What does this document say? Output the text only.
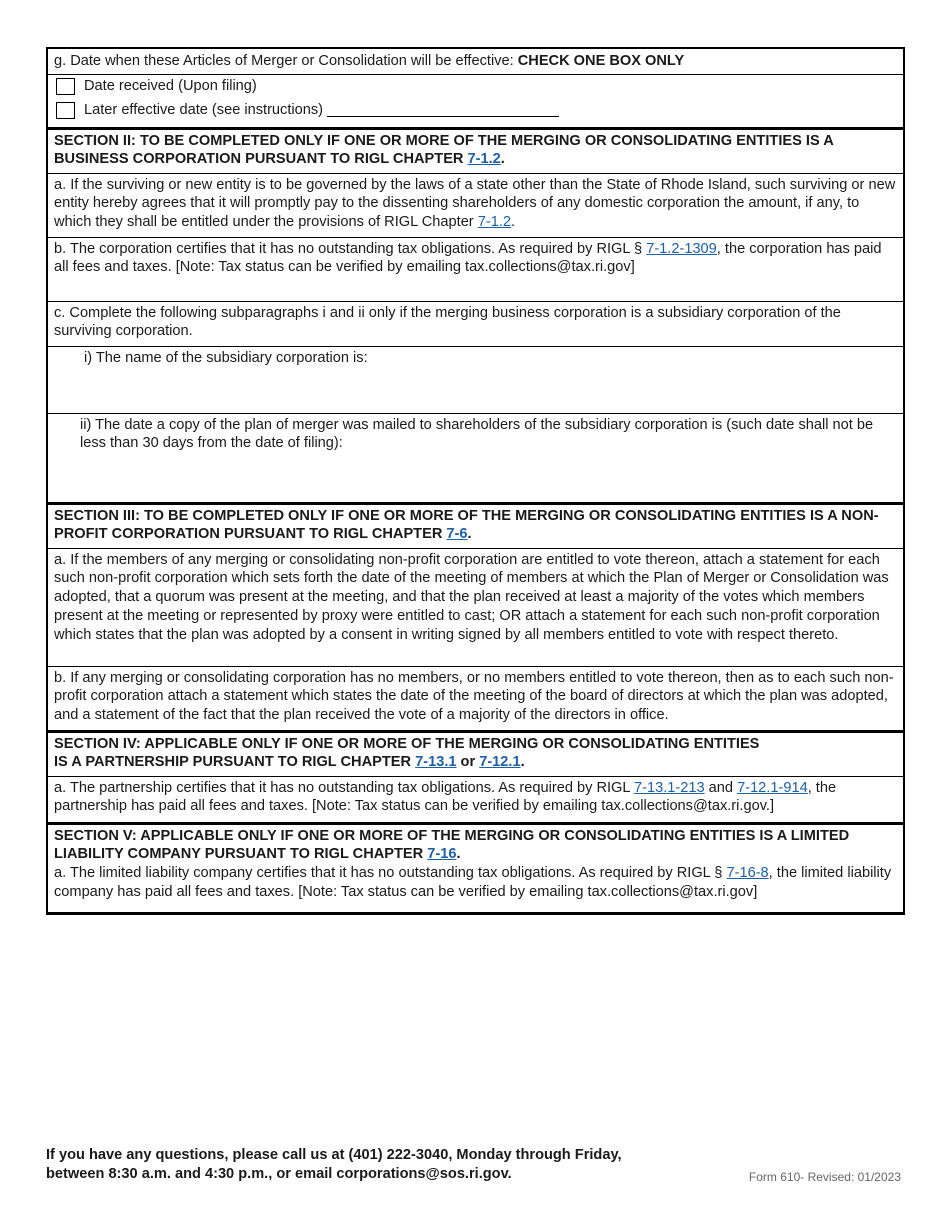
g. Date when these Articles of Merger or Consolidation will be effective: CHECK ONE BOX ONLY
Date received (Upon filing)
Later effective date (see instructions)
SECTION II: TO BE COMPLETED ONLY IF ONE OR MORE OF THE MERGING OR CONSOLIDATING ENTITIES IS A BUSINESS CORPORATION PURSUANT TO RIGL CHAPTER 7-1.2.
a. If the surviving or new entity is to be governed by the laws of a state other than the State of Rhode Island, such surviving or new entity hereby agrees that it will promptly pay to the dissenting shareholders of any domestic corporation the amount, if any, to which they shall be entitled under the provisions of RIGL Chapter 7-1.2.
b. The corporation certifies that it has no outstanding tax obligations. As required by RIGL § 7-1.2-1309, the corporation has paid all fees and taxes. [Note: Tax status can be verified by emailing tax.collections@tax.ri.gov]
c. Complete the following subparagraphs i and ii only if the merging business corporation is a subsidiary corporation of the surviving corporation.
i) The name of the subsidiary corporation is:
ii) The date a copy of the plan of merger was mailed to shareholders of the subsidiary corporation is (such date shall not be less than 30 days from the date of filing):
SECTION III: TO BE COMPLETED ONLY IF ONE OR MORE OF THE MERGING OR CONSOLIDATING ENTITIES IS A NON-PROFIT CORPORATION PURSUANT TO RIGL CHAPTER 7-6.
a. If the members of any merging or consolidating non-profit corporation are entitled to vote thereon, attach a statement for each such non-profit corporation which sets forth the date of the meeting of members at which the Plan of Merger or Consolidation was adopted, that a quorum was present at the meeting, and that the plan received at least a majority of the votes which members present at the meeting or represented by proxy were entitled to cast; OR attach a statement for each such non-profit corporation which states that the plan was adopted by a consent in writing signed by all members entitled to vote with respect thereto.
b. If any merging or consolidating corporation has no members, or no members entitled to vote thereon, then as to each such non-profit corporation attach a statement which states the date of the meeting of the board of directors at which the plan was adopted, and a statement of the fact that the plan received the vote of a majority of the directors in office.
SECTION IV: APPLICABLE ONLY IF ONE OR MORE OF THE MERGING OR CONSOLIDATING ENTITIES
IS A PARTNERSHIP PURSUANT TO RIGL CHAPTER 7-13.1 or 7-12.1.
a. The partnership certifies that it has no outstanding tax obligations. As required by RIGL 7-13.1-213 and 7-12.1-914, the partnership has paid all fees and taxes. [Note: Tax status can be verified by emailing tax.collections@tax.ri.gov.]
SECTION V: APPLICABLE ONLY IF ONE OR MORE OF THE MERGING OR CONSOLIDATING ENTITIES IS A LIMITED LIABILITY COMPANY PURSUANT TO RIGL CHAPTER 7-16.
a. The limited liability company certifies that it has no outstanding tax obligations. As required by RIGL § 7-16-8, the limited liability company has paid all fees and taxes. [Note: Tax status can be verified by emailing tax.collections@tax.ri.gov]
If you have any questions, please call us at (401) 222-3040, Monday through Friday,
between 8:30 a.m. and 4:30 p.m., or email corporations@sos.ri.gov.	Form 610- Revised: 01/2023
